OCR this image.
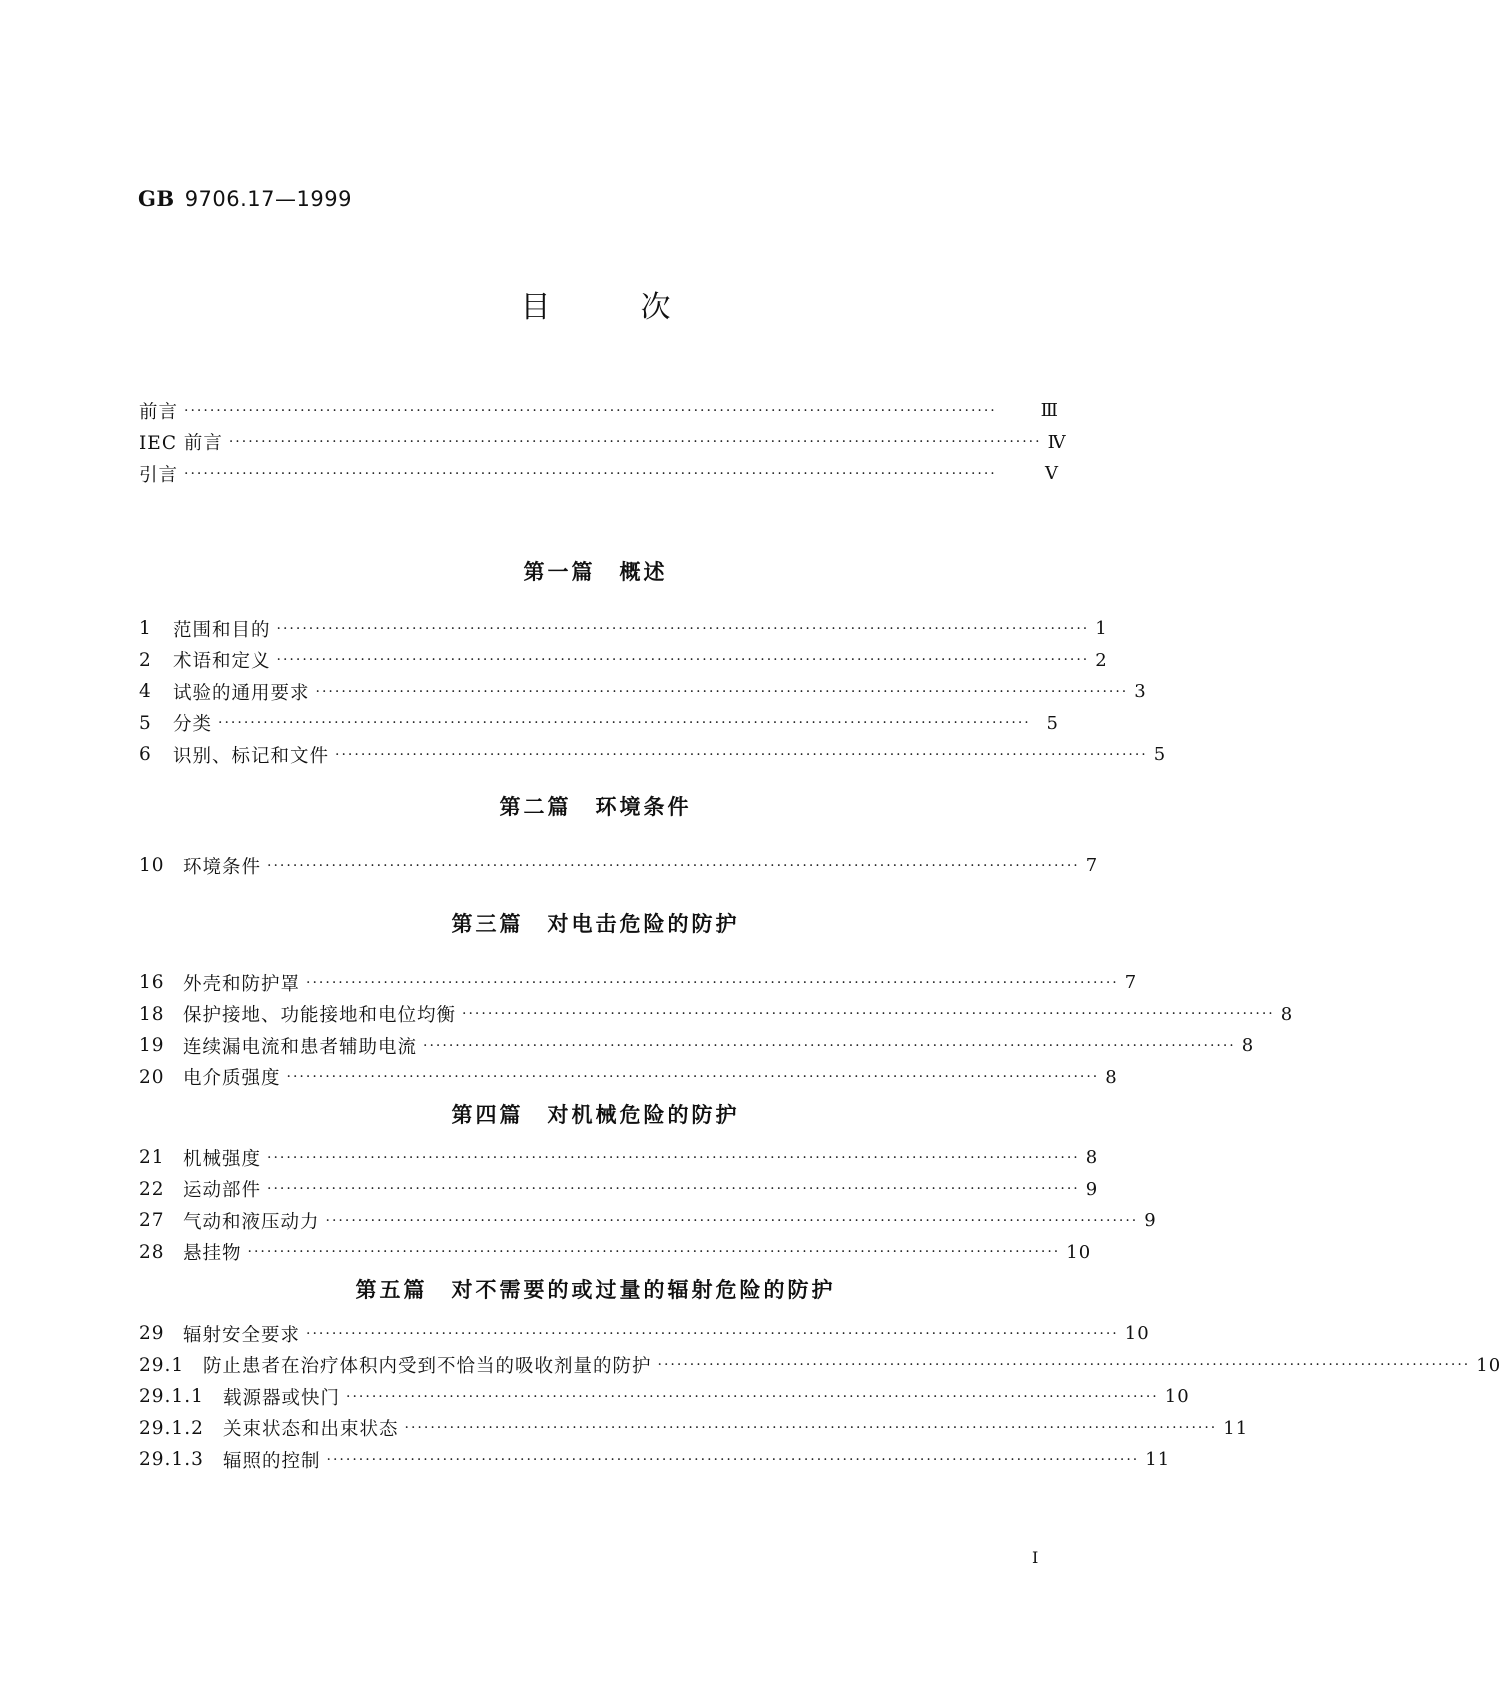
GB 9706.17—1999
目次
前言 ······························································································································	Ⅲ
IEC 前言 ······························································································································ Ⅳ
引言 ······························································································································	Ⅴ
第一篇 概述
1	范围和目的 ······························································································································ 1
2	术语和定义 ······························································································································ 2
4	试验的通用要求 ······························································································································ 3
5	分类 ······························································································································ 5
6	识别、标记和文件 ······························································································································ 5
第二篇 环境条件
10 环境条件 ······························································································································ 7
第三篇 对电击危险的防护
16 外壳和防护罩 ······························································································································ 7
18 保护接地、功能接地和电位均衡 ······························································································································ 8
19 连续漏电流和患者辅助电流 ······························································································································ 8
20 电介质强度 ······························································································································ 8
第四篇 对机械危险的防护
21 机械强度 ······························································································································ 8
22 运动部件 ······························································································································ 9
27 气动和液压动力 ······························································································································ 9
28 悬挂物 ······························································································································ 10
第五篇 对不需要的或过量的辐射危险的防护
29 辐射安全要求 ······························································································································ 10
29.1	防止患者在治疗体积内受到不恰当的吸收剂量的防护 ······························································································································ 10
29.1.1	载源器或快门 ······························································································································ 10
29.1.2	关束状态和出束状态 ······························································································································ 11
29.1.3	辐照的控制 ······························································································································ 11
I
